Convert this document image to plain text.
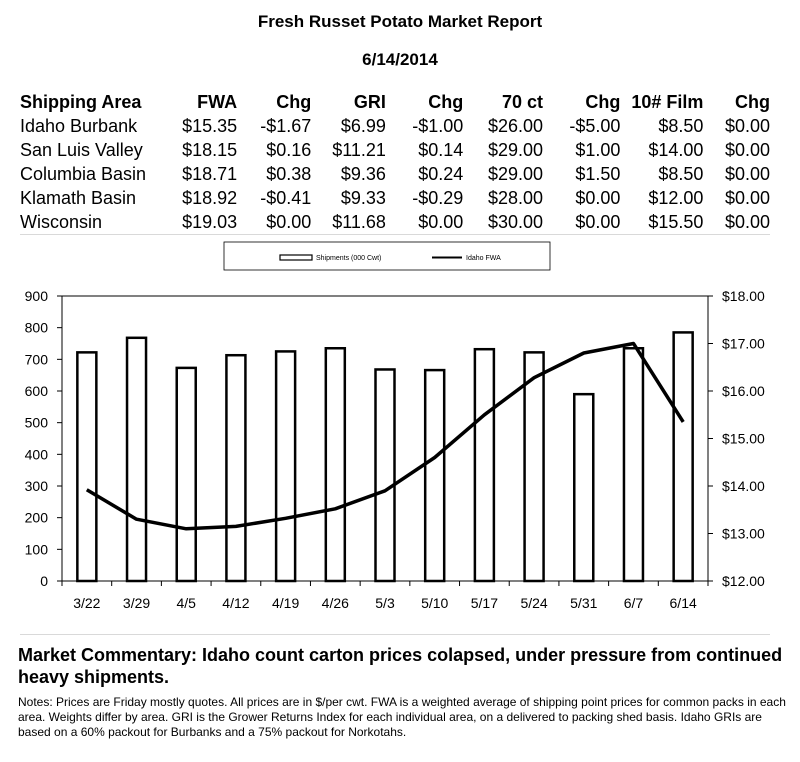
Fresh Russet Potato Market Report
6/14/2014
Shipping Area	FWA	Chg	GRI	Chg	70 ct	Chg	10# Film	Chg
Idaho Burbank	$15.35	-$1.67	$6.99	-$1.00	$26.00	-$5.00	$8.50	$0.00
San Luis Valley	$18.15	$0.16	$11.21	$0.14	$29.00	$1.00	$14.00	$0.00
Columbia Basin	$18.71	$0.38	$9.36	$0.24	$29.00	$1.50	$8.50	$0.00
Klamath Basin	$18.92	-$0.41	$9.33	-$0.29	$28.00	$0.00	$12.00	$0.00
Wisconsin	$19.03	$0.00	$11.68	$0.00	$30.00	$0.00	$15.50	$0.00
Shipments (000 Cwt)	Idaho FWA
0
100
200
300
400
500
600
700
800
900
$12.00
$13.00
$14.00
$15.00
$16.00
$17.00
$18.00
3/22 3/29 4/5 4/12 4/19 4/26 5/3 5/10 5/17 5/24 5/31 6/7 6/14
Market Commentary: Idaho count carton prices colapsed, under pressure from continued heavy shipments.
Notes: Prices are Friday mostly quotes. All prices are in $/per cwt. FWA is a weighted average of shipping point prices for common packs in each area. Weights differ by area. GRI is the Grower Returns Index for each individual area, on a delivered to packing shed basis. Idaho GRIs are based on a 60% packout for Burbanks and a 75% packout for Norkotahs.
